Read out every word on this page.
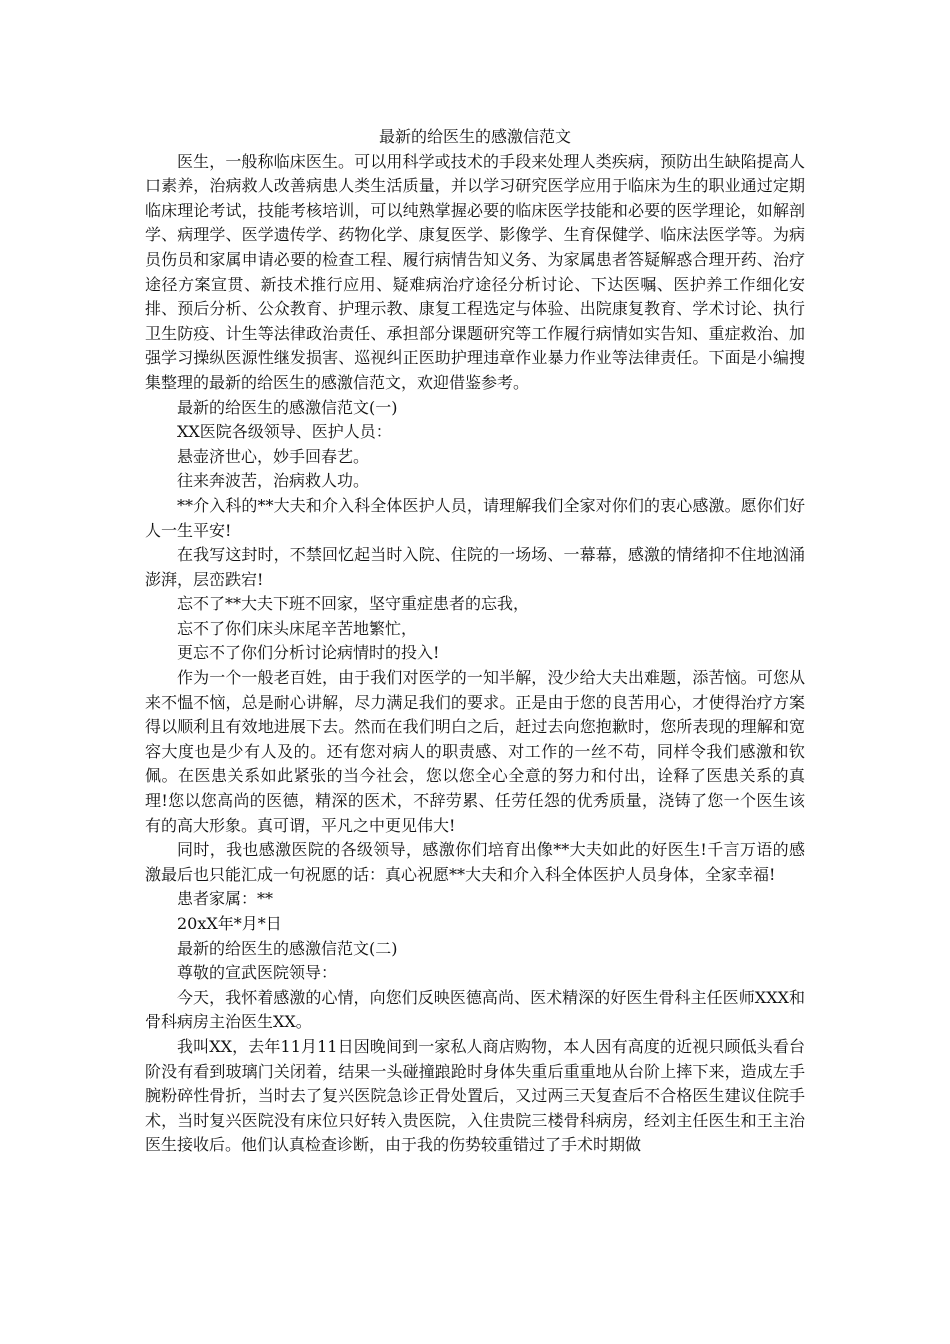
最新的给医生的感激信范文

医生，一般称临床医生。可以用科学或技术的手段来处理人类疾病，预防出生缺陷提高人口素养，治病救人改善病患人类生活质量，并以学习研究医学应用于临床为生的职业通过定期临床理论考试，技能考核培训，可以纯熟掌握必要的临床医学技能和必要的医学理论，如解剖学、病理学、医学遗传学、药物化学、康复医学、影像学、生育保健学、临床法医学等。为病员伤员和家属申请必要的检查工程、履行病情告知义务、为家属患者答疑解惑合理开药、治疗途径方案宣贯、新技术推行应用、疑难病治疗途径分析讨论、下达医嘱、医护养工作细化安排、预后分析、公众教育、护理示教、康复工程选定与体验、出院康复教育、学术讨论、执行卫生防疫、计生等法律政治责任、承担部分课题研究等工作履行病情如实告知、重症救治、加强学习操纵医源性继发损害、巡视纠正医助护理违章作业暴力作业等法律责任。下面是小编搜集整理的最新的给医生的感激信范文，欢迎借鉴参考。

最新的给医生的感激信范文(一)

XX医院各级领导、医护人员：

悬壶济世心，妙手回春艺。

往来奔波苦，治病救人功。

**介入科的**大夫和介入科全体医护人员，请理解我们全家对你们的衷心感激。愿你们好人一生平安!

在我写这封时，不禁回忆起当时入院、住院的一场场、一幕幕，感激的情绪抑不住地汹涌澎湃，层峦跌宕!

忘不了**大夫下班不回家，坚守重症患者的忘我，

忘不了你们床头床尾辛苦地繁忙，

更忘不了你们分析讨论病情时的投入!

作为一个一般老百姓，由于我们对医学的一知半解，没少给大夫出难题，添苦恼。可您从来不愠不恼，总是耐心讲解，尽力满足我们的要求。正是由于您的良苦用心，才使得治疗方案得以顺利且有效地进展下去。然而在我们明白之后，赶过去向您抱歉时，您所表现的理解和宽容大度也是少有人及的。还有您对病人的职责感、对工作的一丝不苟，同样令我们感激和钦佩。在医患关系如此紧张的当今社会，您以您全心全意的努力和付出，诠释了医患关系的真理!您以您高尚的医德，精深的医术，不辞劳累、任劳任怨的优秀质量，浇铸了您一个医生该有的高大形象。真可谓，平凡之中更见伟大!

同时，我也感激医院的各级领导，感激你们培育出像**大夫如此的好医生!千言万语的感激最后也只能汇成一句祝愿的话：真心祝愿**大夫和介入科全体医护人员身体，全家幸福!

患者家属：**

20xX年*月*日

最新的给医生的感激信范文(二)

尊敬的宣武医院领导：

今天，我怀着感激的心情，向您们反映医德高尚、医术精深的好医生骨科主任医师XXX和骨科病房主治医生XX。

我叫XX，去年11月11日因晚间到一家私人商店购物，本人因有高度的近视只顾低头看台阶没有看到玻璃门关闭着，结果一头碰撞踉跄时身体失重后重重地从台阶上摔下来，造成左手腕粉碎性骨折，当时去了复兴医院急诊正骨处置后，又过两三天复查后不合格医生建议住院手术，当时复兴医院没有床位只好转入贵医院，入住贵院三楼骨科病房，经刘主任医生和王主治医生接收后。他们认真检查诊断，由于我的伤势较重错过了手术时期做
